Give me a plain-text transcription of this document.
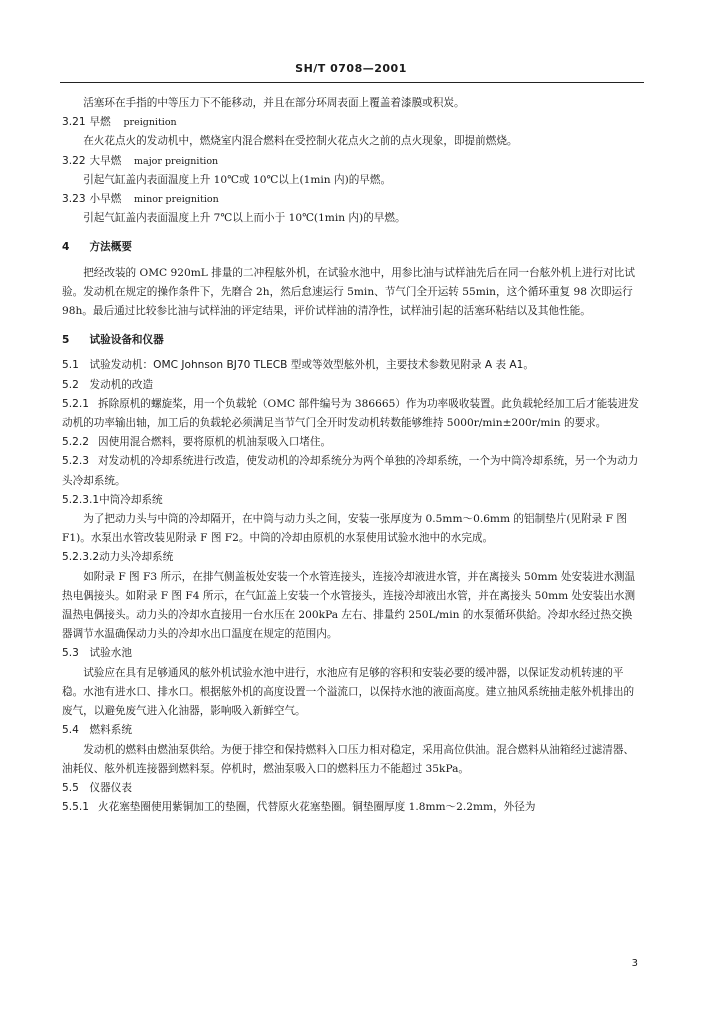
SH/T 0708—2001

活塞环在手指的中等压力下不能移动，并且在部分环周表面上覆盖着漆膜或积炭。

3.21 早燃 preignition

在火花点火的发动机中，燃烧室内混合燃料在受控制火花点火之前的点火现象，即提前燃烧。

3.22 大早燃 major preignition

引起气缸盖内表面温度上升 10℃或 10℃以上(1min 内)的早燃。

3.23 小早燃 minor preignition

引起气缸盖内表面温度上升 7℃以上而小于 10℃(1min 内)的早燃。

4 方法概要

把经改装的 OMC 920mL 排量的二冲程舷外机，在试验水池中，用参比油与试样油先后在同一台舷外机上进行对比试验。发动机在规定的操作条件下，先磨合 2h，然后怠速运行 5min、节气门全开运转 55min，这个循环重复 98 次即运行 98h。最后通过比较参比油与试样油的评定结果，评价试样油的清净性，试样油引起的活塞环粘结以及其他性能。

5 试验设备和仪器
5.1 试验发动机：OMC Johnson BJ70 TLECB 型或等效型舷外机，主要技术参数见附录 A 表 A1。
5.2 发动机的改造

5.2.1 拆除原机的螺旋桨，用一个负载轮（OMC 部件编号为 386665）作为功率吸收装置。此负载轮经加工后才能装进发动机的功率输出轴，加工后的负载轮必须满足当节气门全开时发动机转数能够维持 5000r/min±200r/min 的要求。

5.2.2 因使用混合燃料，要将原机的机油泵吸入口堵住。

5.2.3 对发动机的冷却系统进行改造，使发动机的冷却系统分为两个单独的冷却系统，一个为中筒冷却系统，另一个为动力头冷却系统。

5.2.3.1中筒冷却系统

为了把动力头与中筒的冷却隔开，在中筒与动力头之间，安装一张厚度为 0.5mm～0.6mm 的铝制垫片(见附录 F 图 F1)。水泵出水管改装见附录 F 图 F2。中筒的冷却由原机的水泵使用试验水池中的水完成。

5.2.3.2动力头冷却系统

如附录 F 图 F3 所示，在排气侧盖板处安装一个水管连接头，连接冷却液进水管，并在离接头 50mm 处安装进水测温热电偶接头。如附录 F 图 F4 所示，在气缸盖上安装一个水管接头，连接冷却液出水管，并在离接头 50mm 处安装出水测温热电偶接头。动力头的冷却水直接用一台水压在 200kPa 左右、排量约 250L/min 的水泵循环供給。冷却水经过热交换器调节水温确保动力头的冷却水出口温度在规定的范围内。

5.3 试验水池

试验应在具有足够通风的舷外机试验水池中进行，水池应有足够的容积和安装必要的缓冲器，以保证发动机转速的平稳。水池有进水口、排水口。根据舷外机的高度设置一个溢流口，以保持水池的液面高度。建立抽风系统抽走舷外机排出的废气，以避免废气进入化油器，影响吸入新鲜空气。

5.4 燃料系统

发动机的燃料由燃油泵供给。为便于排空和保持燃料入口压力相对稳定，采用高位供油。混合燃料从油箱经过滤清器、油耗仪、舷外机连接器到燃料泵。停机时，燃油泵吸入口的燃料压力不能超过 35kPa。

5.5 仪器仪表

5.5.1 火花塞垫圈使用紫铜加工的垫圈，代替原火花塞垫圈。铜垫圈厚度 1.8mm～2.2mm，外径为

3
